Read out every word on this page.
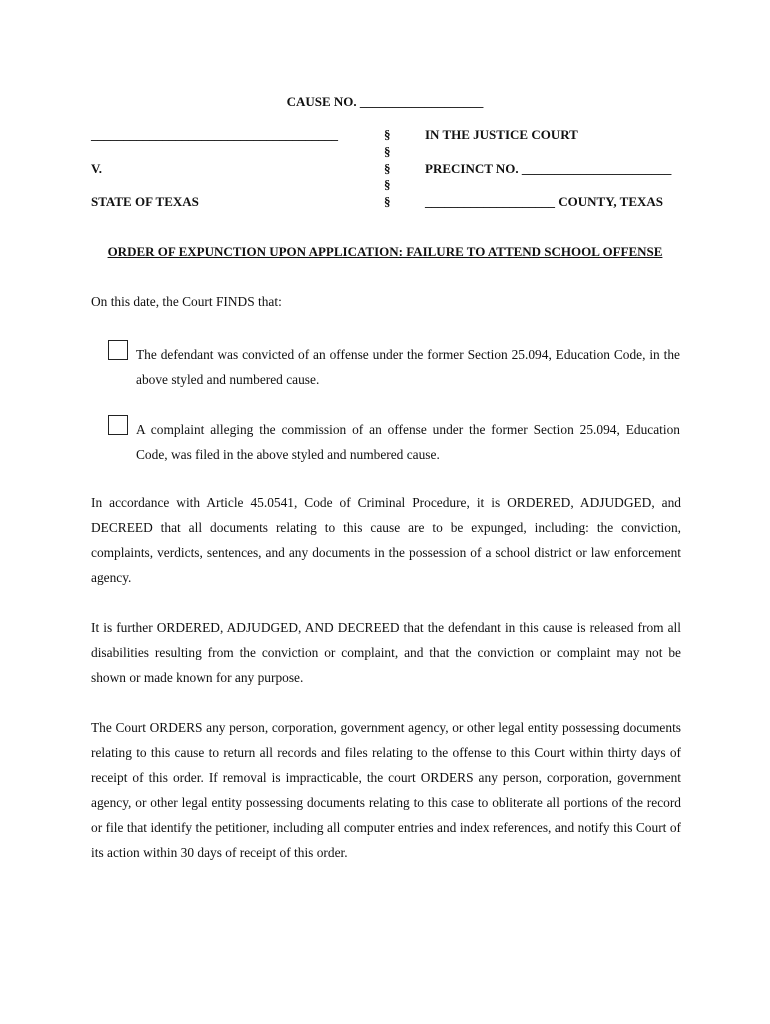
CAUSE NO. ___________________
______________________________________
V.
STATE OF TEXAS
§
§
§
§
§
IN THE JUSTICE COURT
PRECINCT NO. _______________________
____________________ COUNTY, TEXAS
ORDER OF EXPUNCTION UPON APPLICATION: FAILURE TO ATTEND SCHOOL OFFENSE
On this date, the Court FINDS that:
The defendant was convicted of an offense under the former Section 25.094, Education Code, in the above styled and numbered cause.
A complaint alleging the commission of an offense under the former Section 25.094, Education Code, was filed in the above styled and numbered cause.
In accordance with Article 45.0541, Code of Criminal Procedure, it is ORDERED, ADJUDGED, and DECREED that all documents relating to this cause are to be expunged, including: the conviction, complaints, verdicts, sentences, and any documents in the possession of a school district or law enforcement agency.
It is further ORDERED, ADJUDGED, AND DECREED that the defendant in this cause is released from all disabilities resulting from the conviction or complaint, and that the conviction or complaint may not be shown or made known for any purpose.
The Court ORDERS any person, corporation, government agency, or other legal entity possessing documents relating to this cause to return all records and files relating to the offense to this Court within thirty days of receipt of this order. If removal is impracticable, the court ORDERS any person, corporation, government agency, or other legal entity possessing documents relating to this case to obliterate all portions of the record or file that identify the petitioner, including all computer entries and index references, and notify this Court of its action within 30 days of receipt of this order.
